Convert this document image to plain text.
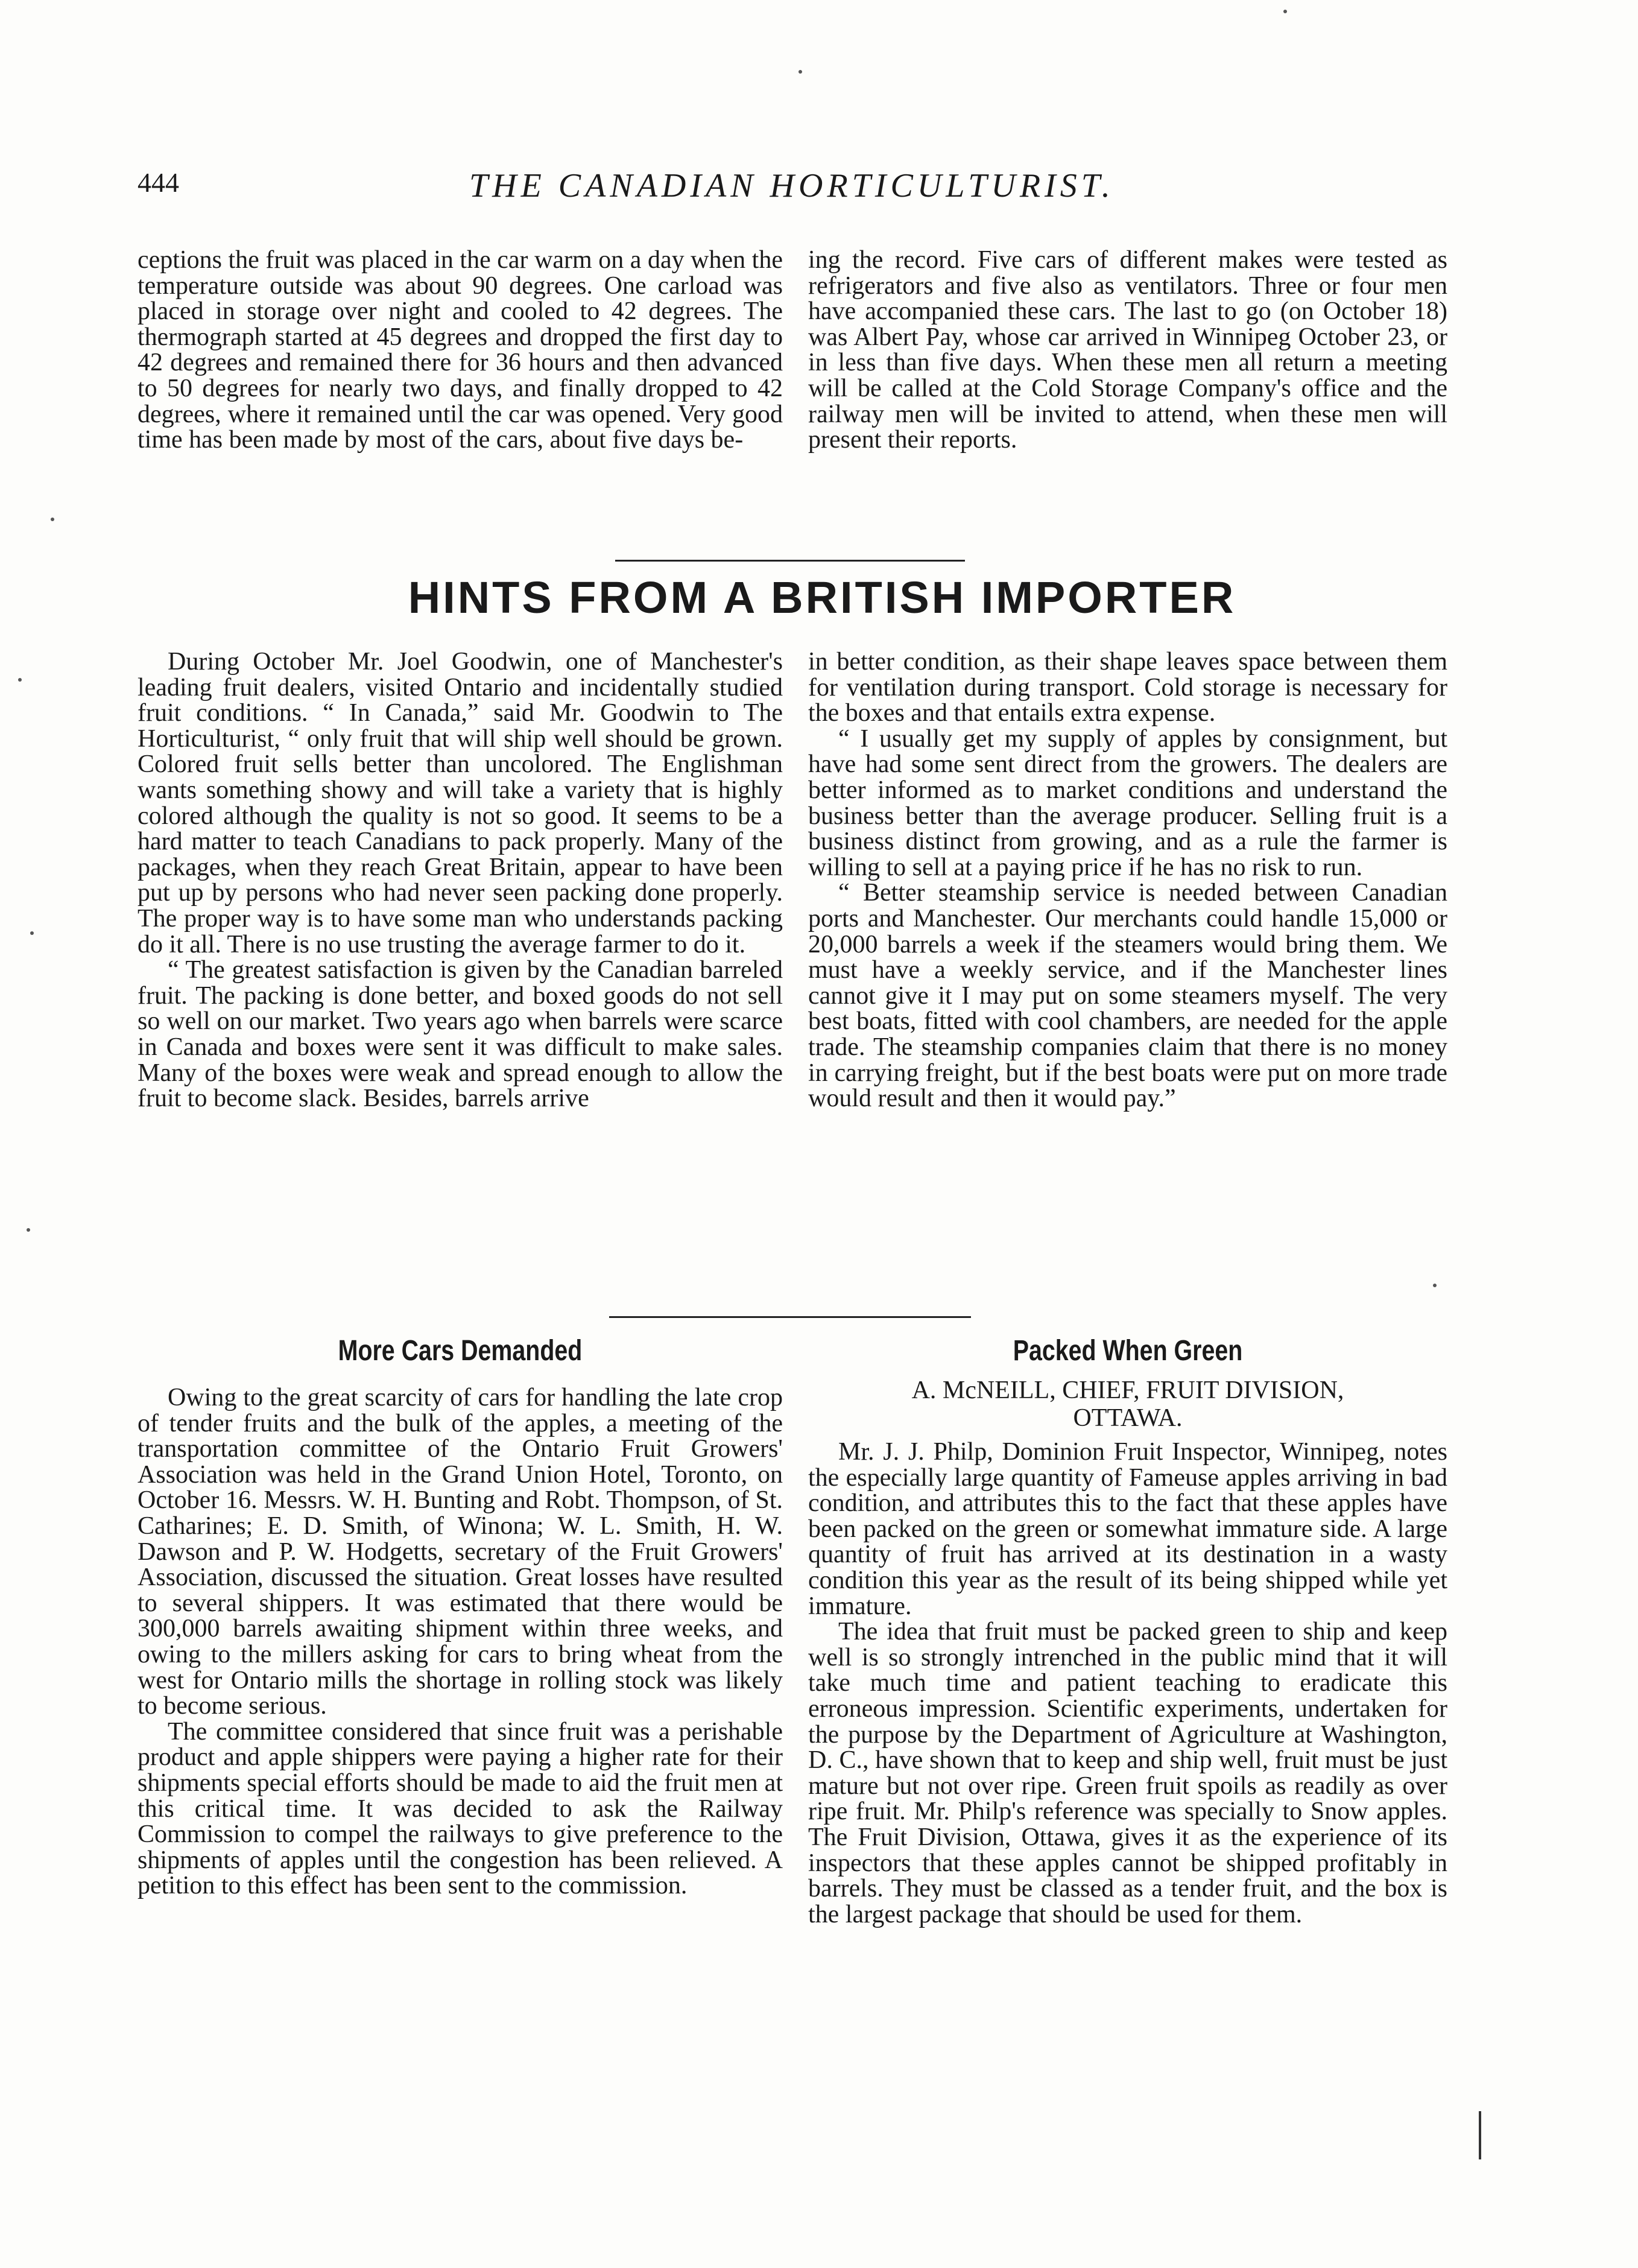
444	THE CANADIAN HORTICULTURIST.

ceptions the fruit was placed in the car warm on a day when the temperature outside was about 90 degrees. One carload was placed in storage over night and cooled to 42 degrees. The thermograph started at 45 degrees and dropped the first day to 42 degrees and remained there for 36 hours and then advanced to 50 degrees for nearly two days, and finally dropped to 42 degrees, where it remained until the car was opened. Very good time has been made by most of the cars, about five days be-

ing the record. Five cars of different makes were tested as refrigerators and five also as ventilators. Three or four men have accompanied these cars. The last to go (on October 18) was Albert Pay, whose car arrived in Winnipeg October 23, or in less than five days. When these men all return a meeting will be called at the Cold Storage Company's office and the railway men will be invited to attend, when these men will present their reports.

HINTS FROM A BRITISH IMPORTER

During October Mr. Joel Goodwin, one of Manchester's leading fruit dealers, visited Ontario and incidentally studied fruit conditions. “ In Canada,” said Mr. Goodwin to The Horticulturist, “ only fruit that will ship well should be grown. Colored fruit sells better than uncolored. The Englishman wants something showy and will take a variety that is highly colored although the quality is not so good. It seems to be a hard matter to teach Canadians to pack properly. Many of the packages, when they reach Great Britain, appear to have been put up by persons who had never seen packing done properly. The proper way is to have some man who understands packing do it all. There is no use trusting the average farmer to do it.

“ The greatest satisfaction is given by the Canadian barreled fruit. The packing is done better, and boxed goods do not sell so well on our market. Two years ago when barrels were scarce in Canada and boxes were sent it was difficult to make sales. Many of the boxes were weak and spread enough to allow the fruit to become slack. Besides, barrels arrive

in better condition, as their shape leaves space between them for ventilation during transport. Cold storage is necessary for the boxes and that entails extra expense.

“ I usually get my supply of apples by consignment, but have had some sent direct from the growers. The dealers are better informed as to market conditions and understand the business better than the average producer. Selling fruit is a business distinct from growing, and as a rule the farmer is willing to sell at a paying price if he has no risk to run.

“ Better steamship service is needed between Canadian ports and Manchester. Our merchants could handle 15,000 or 20,000 barrels a week if the steamers would bring them. We must have a weekly service, and if the Manchester lines cannot give it I may put on some steamers myself. The very best boats, fitted with cool chambers, are needed for the apple trade. The steamship companies claim that there is no money in carrying freight, but if the best boats were put on more trade would result and then it would pay.”

More Cars Demanded

Owing to the great scarcity of cars for handling the late crop of tender fruits and the bulk of the apples, a meeting of the transportation committee of the Ontario Fruit Growers' Association was held in the Grand Union Hotel, Toronto, on October 16. Messrs. W. H. Bunting and Robt. Thompson, of St. Catharines; E. D. Smith, of Winona; W. L. Smith, H. W. Dawson and P. W. Hodgetts, secretary of the Fruit Growers' Association, discussed the situation. Great losses have resulted to several shippers. It was estimated that there would be 300,000 barrels awaiting shipment within three weeks, and owing to the millers asking for cars to bring wheat from the west for Ontario mills the shortage in rolling stock was likely to become serious.

The committee considered that since fruit was a perishable product and apple shippers were paying a higher rate for their shipments special efforts should be made to aid the fruit men at this critical time. It was decided to ask the Railway Commission to compel the railways to give preference to the shipments of apples until the congestion has been relieved. A petition to this effect has been sent to the commission.

Packed When Green

A. McNEILL, CHIEF, FRUIT DIVISION,
OTTAWA.

Mr. J. J. Philp, Dominion Fruit Inspector, Winnipeg, notes the especially large quantity of Fameuse apples arriving in bad condition, and attributes this to the fact that these apples have been packed on the green or somewhat immature side. A large quantity of fruit has arrived at its destination in a wasty condition this year as the result of its being shipped while yet immature.

The idea that fruit must be packed green to ship and keep well is so strongly intrenched in the public mind that it will take much time and patient teaching to eradicate this erroneous impression. Scientific experiments, undertaken for the purpose by the Department of Agriculture at Washington, D. C., have shown that to keep and ship well, fruit must be just mature but not over ripe. Green fruit spoils as readily as over ripe fruit. Mr. Philp's reference was specially to Snow apples. The Fruit Division, Ottawa, gives it as the experience of its inspectors that these apples cannot be shipped profitably in barrels. They must be classed as a tender fruit, and the box is the largest package that should be used for them.
